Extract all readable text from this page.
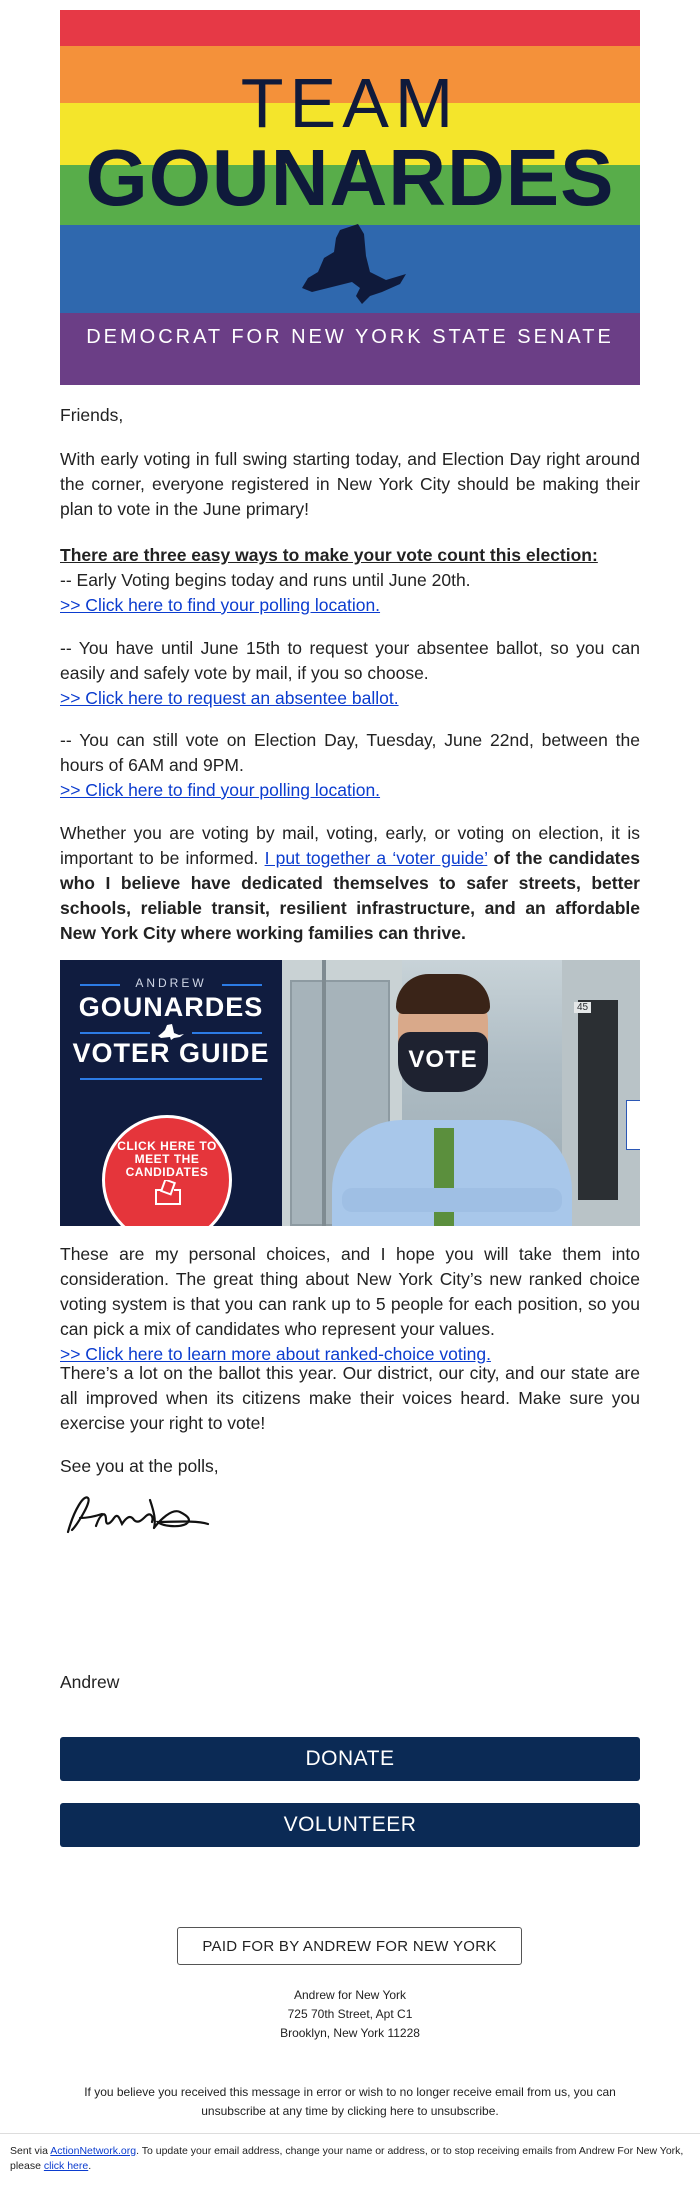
TEAM
GOUNARDES
DEMOCRAT FOR NEW YORK STATE SENATE
Friends,
With early voting in full swing starting today, and Election Day right around the corner, everyone registered in New York City should be making their plan to vote in the June primary!
There are three easy ways to make your vote count this election:
-- Early Voting begins today and runs until June 20th.
>> Click here to find your polling location.
-- You have until June 15th to request your absentee ballot, so you can easily and safely vote by mail, if you so choose.
>> Click here to request an absentee ballot.
-- You can still vote on Election Day, Tuesday, June 22nd, between the hours of 6AM and 9PM.
>> Click here to find your polling location.
Whether you are voting by mail, voting, early, or voting on election, it is important to be informed. I put together a ‘voter guide’ of the candidates who I believe have dedicated themselves to safer streets, better schools, reliable transit, resilient infrastructure, and an affordable New York City where working families can thrive.
ANDREW
GOUNARDES
VOTER GUIDE
CLICK HERE TO MEET THE CANDIDATES
45
VOTE
These are my personal choices, and I hope you will take them into consideration. The great thing about New York City’s new ranked choice voting system is that you can rank up to 5 people for each position, so you can pick a mix of candidates who represent your values.
>> Click here to learn more about ranked-choice voting.
There’s a lot on the ballot this year. Our district, our city, and our state are all improved when its citizens make their voices heard. Make sure you exercise your right to vote!
See you at the polls,
Andrew
DONATE
VOLUNTEER
PAID FOR BY ANDREW FOR NEW YORK
Andrew for New York
725 70th Street, Apt C1
Brooklyn, New York 11228
If you believe you received this message in error or wish to no longer receive email from us, you can unsubscribe at any time by clicking here to unsubscribe.
Sent via ActionNetwork.org. To update your email address, change your name or address, or to stop receiving emails from Andrew For New York, please click here.
